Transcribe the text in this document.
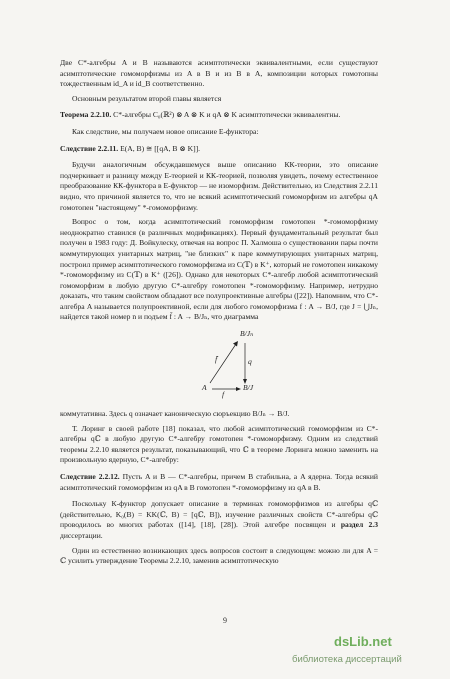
Две C*-алгебры A и B называются асимптотически эквивалентными, если существуют асимптотические гомоморфизмы из A в B и из B в A, композиции которых гомотопны тождественным id_A и id_B соответственно.

Основным результатом второй главы является

Теорема 2.2.10. C*-алгебры C₀(ℝ²) ⊗ A ⊗ K и qA ⊗ K асимптотически эквивалентны.

Как следствие, мы получаем новое описание E-функтора:

Следствие 2.2.11. E(A, B) ≅ [[qA, B ⊗ K]].

Будучи аналогичным обсуждавшемуся выше описанию КК-теории, это описание подчеркивает и разницу между E-теорией и КК-теорией, позволяя увидеть, почему естественное преобразование КК-функтора в E-функтор — не изоморфизм. Действительно, из Следствия 2.2.11 видно, что причиной является то, что не всякий асимптотический гомоморфизм из алгебры qA гомотопен "настоящему" *-гомоморфизму.

Вопрос о том, когда асимптотический гомоморфизм гомотопен *-гомоморфизму неоднократно ставился (в различных модификациях). Первый фундаментальный результат был получен в 1983 году: Д. Войкулеску, отвечая на вопрос П. Халмоша о существовании пары почти коммутирующих унитарных матриц, "не близких" к паре коммутирующих унитарных матриц, построил пример асимптотического гомоморфизма из C(𝕋) в K⁺, который не гомотопен никакому *-гомоморфизму из C(𝕋) в K⁺ ([26]). Однако для некоторых C*-алгебр любой асимптотический гомоморфизм в любую другую C*-алгебру гомотопен *-гомоморфизму. Например, нетрудно доказать, что таким свойством обладают все полупроективные алгебры ([22]). Напомним, что C*-алгебра A называется полупроективной, если для любого гомоморфизма f : A → B/J, где J = ⋃Jₙ, найдется такой номер n и подъем f̄ : A → B/Jₙ, что диаграмма

B/Jₙ
A	B/J
f̄
f
q

коммутативна. Здесь q означает каноническую сюръекцию B/Jₙ → B/J.

Т. Лоринг в своей работе [18] показал, что любой асимптотический гомоморфизм из C*-алгебры qℂ в любую другую C*-алгебру гомотопен *-гомоморфизму. Одним из следствий теоремы 2.2.10 является результат, показывающий, что ℂ в теореме Лоринга можно заменить на произвольную ядерную, C*-алгебру:

Следствие 2.2.12. Пусть A и B — C*-алгебры, причем B стабильна, а A ядерна. Тогда всякий асимптотический гомоморфизм из qA в B гомотопен *-гомоморфизму из qA в B.

Поскольку К-функтор допускает описание в терминах гомоморфизмов из алгебры qℂ (действительно, K₀(B) = KK(ℂ, B) = [qℂ, B]), изучение различных свойств C*-алгебры qℂ проводилось во многих работах ([14], [18], [28]). Этой алгебре посвящен и раздел 2.3 диссертации.

Один из естественно возникающих здесь вопросов состоит в следующем: можно ли для A = ℂ усилить утверждение Теоремы 2.2.10, заменив асимптотическую

9
dsLib.net
библиотека диссертаций
